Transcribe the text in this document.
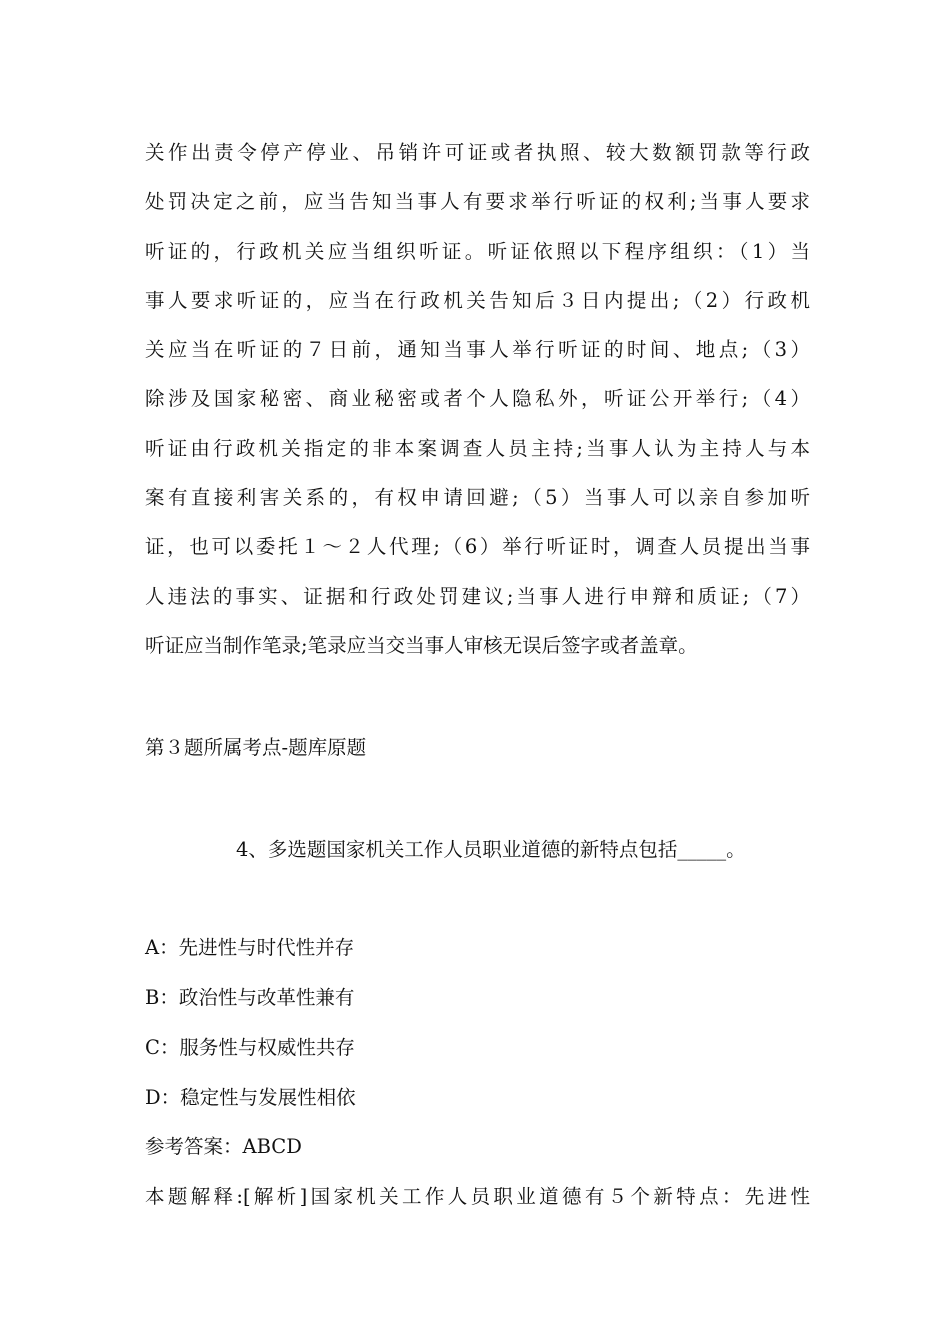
关作出责令停产停业、吊销许可证或者执照、较大数额罚款等行政
处罚决定之前，应当告知当事人有要求举行听证的权利;当事人要求
听证的，行政机关应当组织听证。听证依照以下程序组织：（1）当
事人要求听证的，应当在行政机关告知后３日内提出;（2）行政机
关应当在听证的７日前，通知当事人举行听证的时间、地点;（3）
除涉及国家秘密、商业秘密或者个人隐私外，听证公开举行;（4）
听证由行政机关指定的非本案调查人员主持;当事人认为主持人与本
案有直接利害关系的，有权申请回避;（5）当事人可以亲自参加听
证，也可以委托１～２人代理;（6）举行听证时，调查人员提出当事
人违法的事实、证据和行政处罚建议;当事人进行申辩和质证;（7）
听证应当制作笔录;笔录应当交当事人审核无误后签字或者盖章。
第３题所属考点-题库原题
4、多选题国家机关工作人员职业道德的新特点包括_____。
A：先进性与时代性并存
B：政治性与改革性兼有
C：服务性与权威性共存
D：稳定性与发展性相依
参考答案：ABCD
本题解释:[解析]国家机关工作人员职业道德有５个新特点：先进性
